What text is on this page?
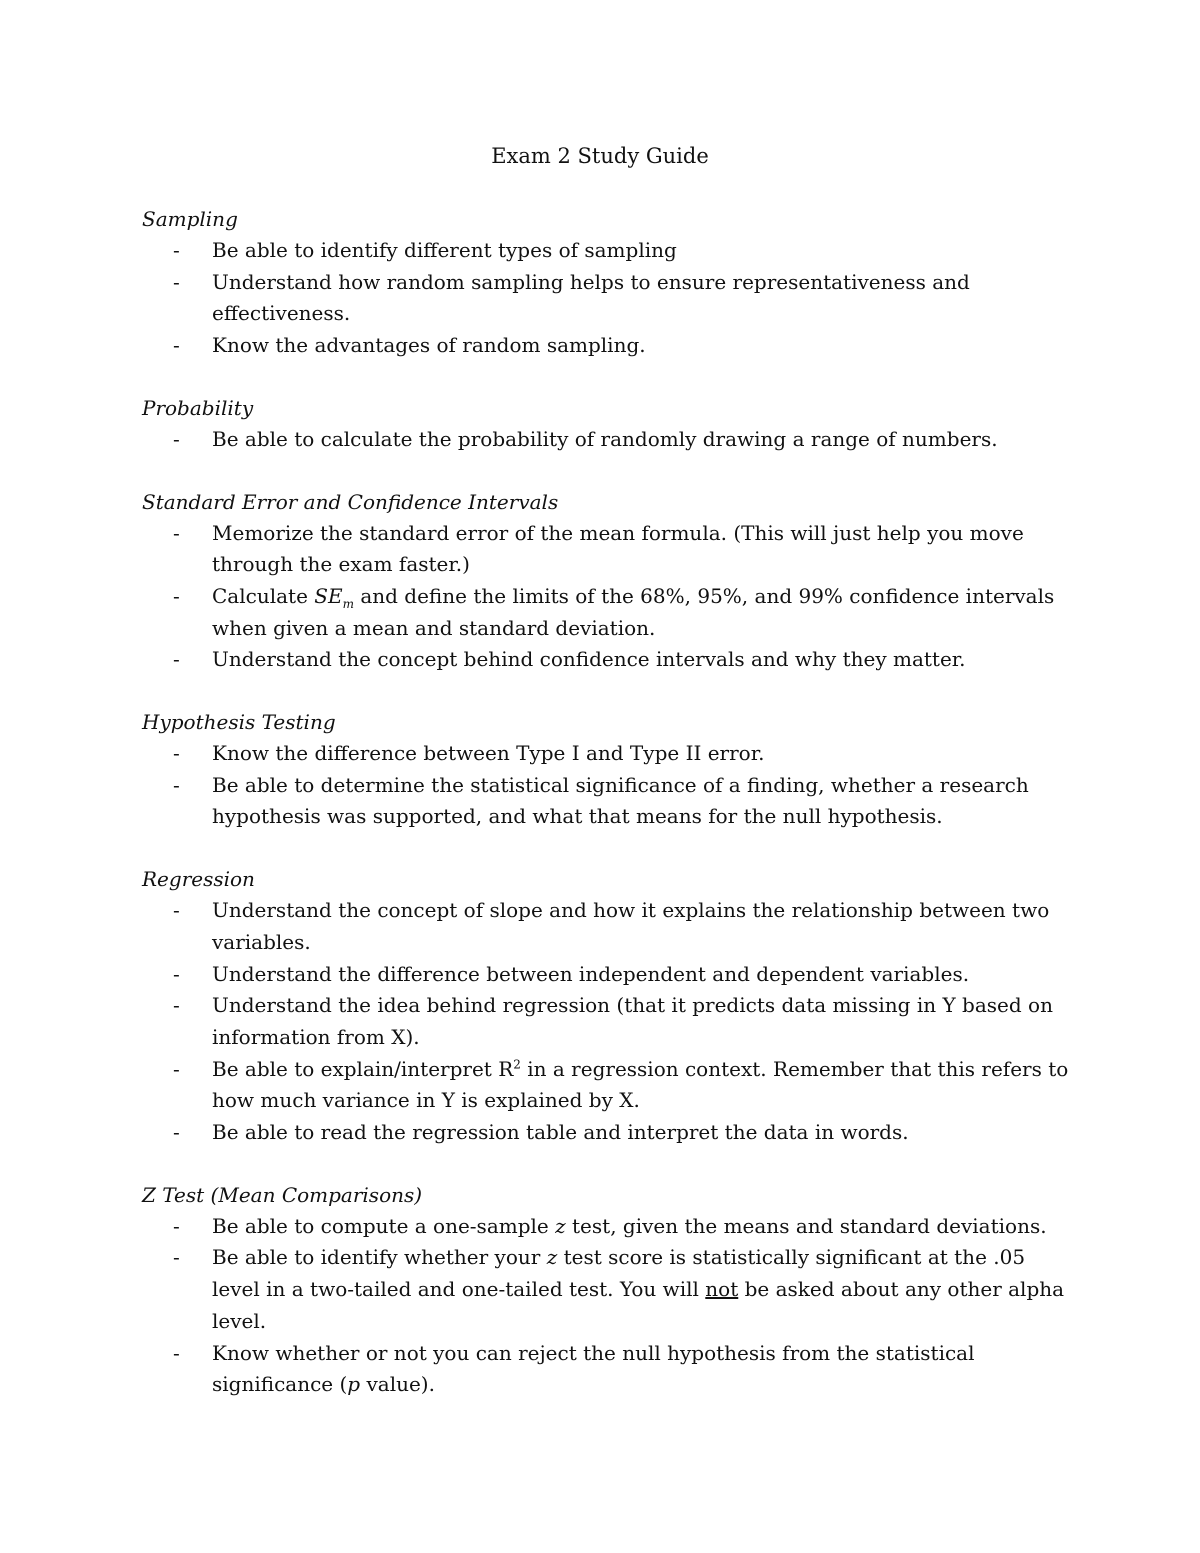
Exam 2 Study Guide
Sampling
- Be able to identify different types of sampling
- Understand how random sampling helps to ensure representativeness and effectiveness.
- Know the advantages of random sampling.
Probability
- Be able to calculate the probability of randomly drawing a range of numbers.
Standard Error and Confidence Intervals
- Memorize the standard error of the mean formula. (This will just help you move through the exam faster.)
- Calculate $SE_m$ and define the limits of the 68%, 95%, and 99% confidence intervals when given a mean and standard deviation.
- Understand the concept behind confidence intervals and why they matter.
Hypothesis Testing
- Know the difference between Type I and Type II error.
- Be able to determine the statistical significance of a finding, whether a research hypothesis was supported, and what that means for the null hypothesis.
Regression
- Understand the concept of slope and how it explains the relationship between two variables.
- Understand the difference between independent and dependent variables.
- Understand the idea behind regression (that it predicts data missing in Y based on information from X).
- Be able to explain/interpret $R^2$ in a regression context. Remember that this refers to how much variance in Y is explained by X.
- Be able to read the regression table and interpret the data in words.
Z Test (Mean Comparisons)
- Be able to compute a one-sample z test, given the means and standard deviations.
- Be able to identify whether your z test score is statistically significant at the .05 level in a two-tailed and one-tailed test. You will not be asked about any other alpha level.
- Know whether or not you can reject the null hypothesis from the statistical significance (p value).
